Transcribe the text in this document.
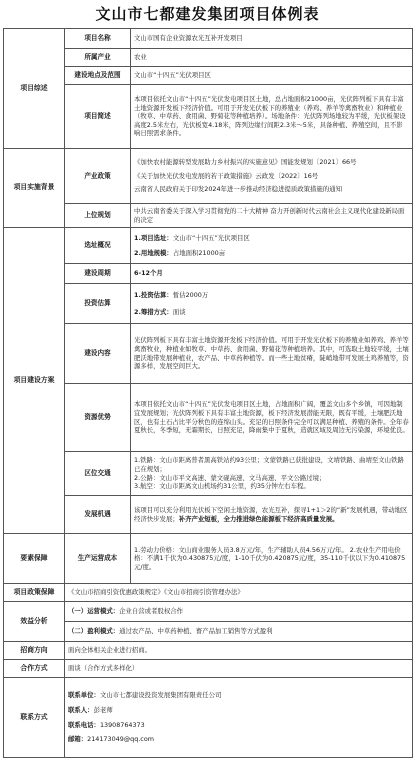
文山市七都建发集团项目体例表
项目综述	项目名称	文山市国有企业资源农光互补开发项目
	所属产业	农业
	建设地点及范围	文山市“十四五”光伏项目区
	项目简述	本项目依托文山市“十四五”光伏发电项目区土地，总占地面积21000亩，光伏阵列板下具有丰富土地资源开发板下经济价值。可用于开发光伏板下的养殖业（养鸡、养羊等禽畜牧业）和种植业（牧草、中草药、食用菌、野菊花等种植培养）。场地条件：光伏阵列场地较为平缓，光伏板架设高度2.5米左右，光伏板宽4.18米，阵列边缘行间距2.3米～5米，具备种植、养殖空间，且不影响日照需求条件。
项目实施背景	产业政策	《加快农村能源转型发展助力乡村振兴的实施意见》国能发规划〔2021〕66号
《关于加快光伏发电发展的若干政策措施》云政发〔2022〕16号
云南省人民政府关于印发2024年进一步推动经济稳进提质政策措施的通知

	上位规划	中共云南省委关于深入学习贯彻党的二十大精神 奋力开创新时代云南社会主义现代化建设新局面的决定
项目建设方案	选址概况	1.项目选址：文山市“十四五”光伏项目区
2.用地规模：占地面积21000亩

	建设周期	6-12个月
	投资估算	1.投资估算：暂估2000万
2.筹措方式：面谈

	建设内容	光伏阵列板下具有丰富土地资源开发板下经济价值。可用于开发光伏板下的养殖业如养鸡、养羊等禽畜牧业，种植业如牧草、中草药、食用菌、野菊花等种植培养。其中，可选取土地较平缓，土壤肥沃地带发展种植业，农产品、中草药种植等。而一些土地贫瘠，陡峭地带可发展土鸡养殖等，资源多样，发展空间巨大。
	资源优势	本项目依托文山市“十四五”光伏发电项目区土地，占地面积广阔，覆盖文山多个乡镇，可因地制宜发展规划；光伏阵列板下具有丰富土地资源，板下经济发展潜能无限，既有平缓，土壤肥沃地区，也有土石占比平分秋色的连绵山头。充足的日照条件完全可以满足种植、养殖的条件。全年春夏秋长，冬季短，无霜期长，日照充足，降雨集中于夏秋，造就区域及周边无污染源，环境优良。
	区位交通	1.铁路：文山市距离普者黑高铁站约93公里；文蒙铁路已获批建设，文靖铁路、曲靖至文山铁路已在规划；
2.公路：文山市平文高速、蒙文砚高速、文马高速、平文公路过境；
3.航空：文山市距离文山机场约31公里，约35分钟左右车程。

	发展机遇	该项目可以充分利用光伏板下空闲土地资源，农光互补，探寻1+1＞2的“新”发展机遇，带动地区经济快步发展；补齐产业短板，全力推进绿色能源板下经济高质量发展。
要素保障	生产运营成本	1.劳动力价格：文山商业服务人员3.8万元/年，生产辅助人员4.56万元/年。 2.农业生产用电价格：不满1千伏为0.430875元/度，1-10千伏为0.420875元/度，35-110千伏以下为0.410875元/度。
项目政策保障	《文山市招商引资优惠政策规定》《文山市招商引资管理办法》	
效益分析	（一）运营模式：企业自营或者股权合作	
	（二）盈利模式：通过农产品、中草药种植、畜产品加工销售等方式盈利	
招商方向	面向全体相关企业进行招商。	
合作方式	面谈（合作方式多样化）	
联系方式	联系单位：文山市七都建设投资发展集团有限责任公司
联系人：彭老师
联系电话：13908764373
邮箱：214173049@qq.com	
